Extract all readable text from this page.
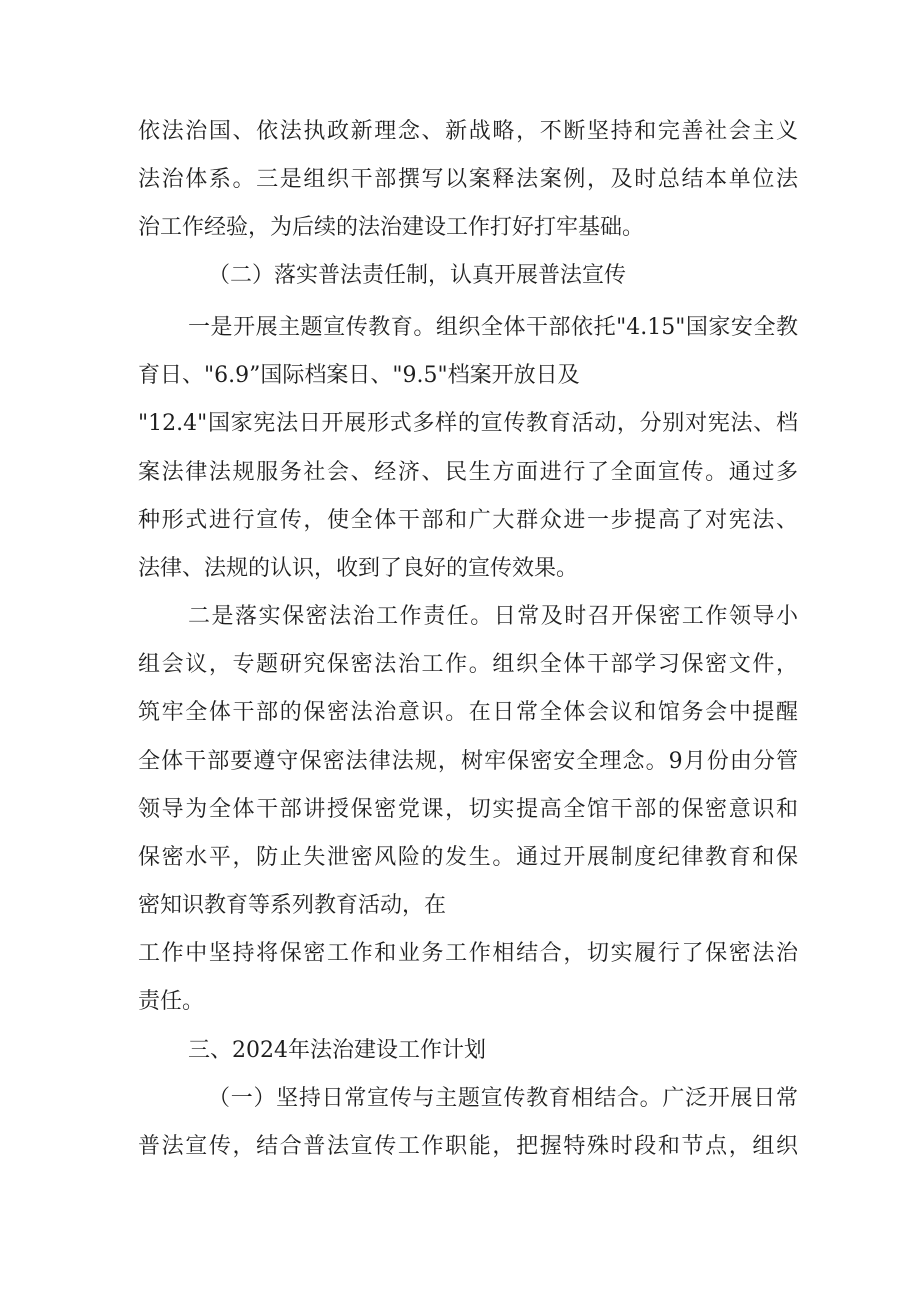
依法治国、依法执政新理念、新战略，不断坚持和完善社会主义
法治体系。三是组织干部撰写以案释法案例，及时总结本单位法
治工作经验，为后续的法治建设工作打好打牢基础。
（二）落实普法责任制，认真开展普法宣传
一是开展主题宣传教育。组织全体干部依托"4.15"国家安全教
育日、"6.9”国际档案日、"9.5"档案开放日及
"12.4"国家宪法日开展形式多样的宣传教育活动，分别对宪法、档
案法律法规服务社会、经济、民生方面进行了全面宣传。通过多
种形式进行宣传，使全体干部和广大群众进一步提高了对宪法、
法律、法规的认识，收到了良好的宣传效果。
二是落实保密法治工作责任。日常及时召开保密工作领导小
组会议，专题研究保密法治工作。组织全体干部学习保密文件，
筑牢全体干部的保密法治意识。在日常全体会议和馆务会中提醒
全体干部要遵守保密法律法规，树牢保密安全理念。9月份由分管
领导为全体干部讲授保密党课，切实提高全馆干部的保密意识和
保密水平，防止失泄密风险的发生。通过开展制度纪律教育和保
密知识教育等系列教育活动，在
工作中坚持将保密工作和业务工作相结合，切实履行了保密法治
责任。
三、2024年法治建设工作计划
（一）坚持日常宣传与主题宣传教育相结合。广泛开展日常
普法宣传，结合普法宣传工作职能，把握特殊时段和节点，组织
